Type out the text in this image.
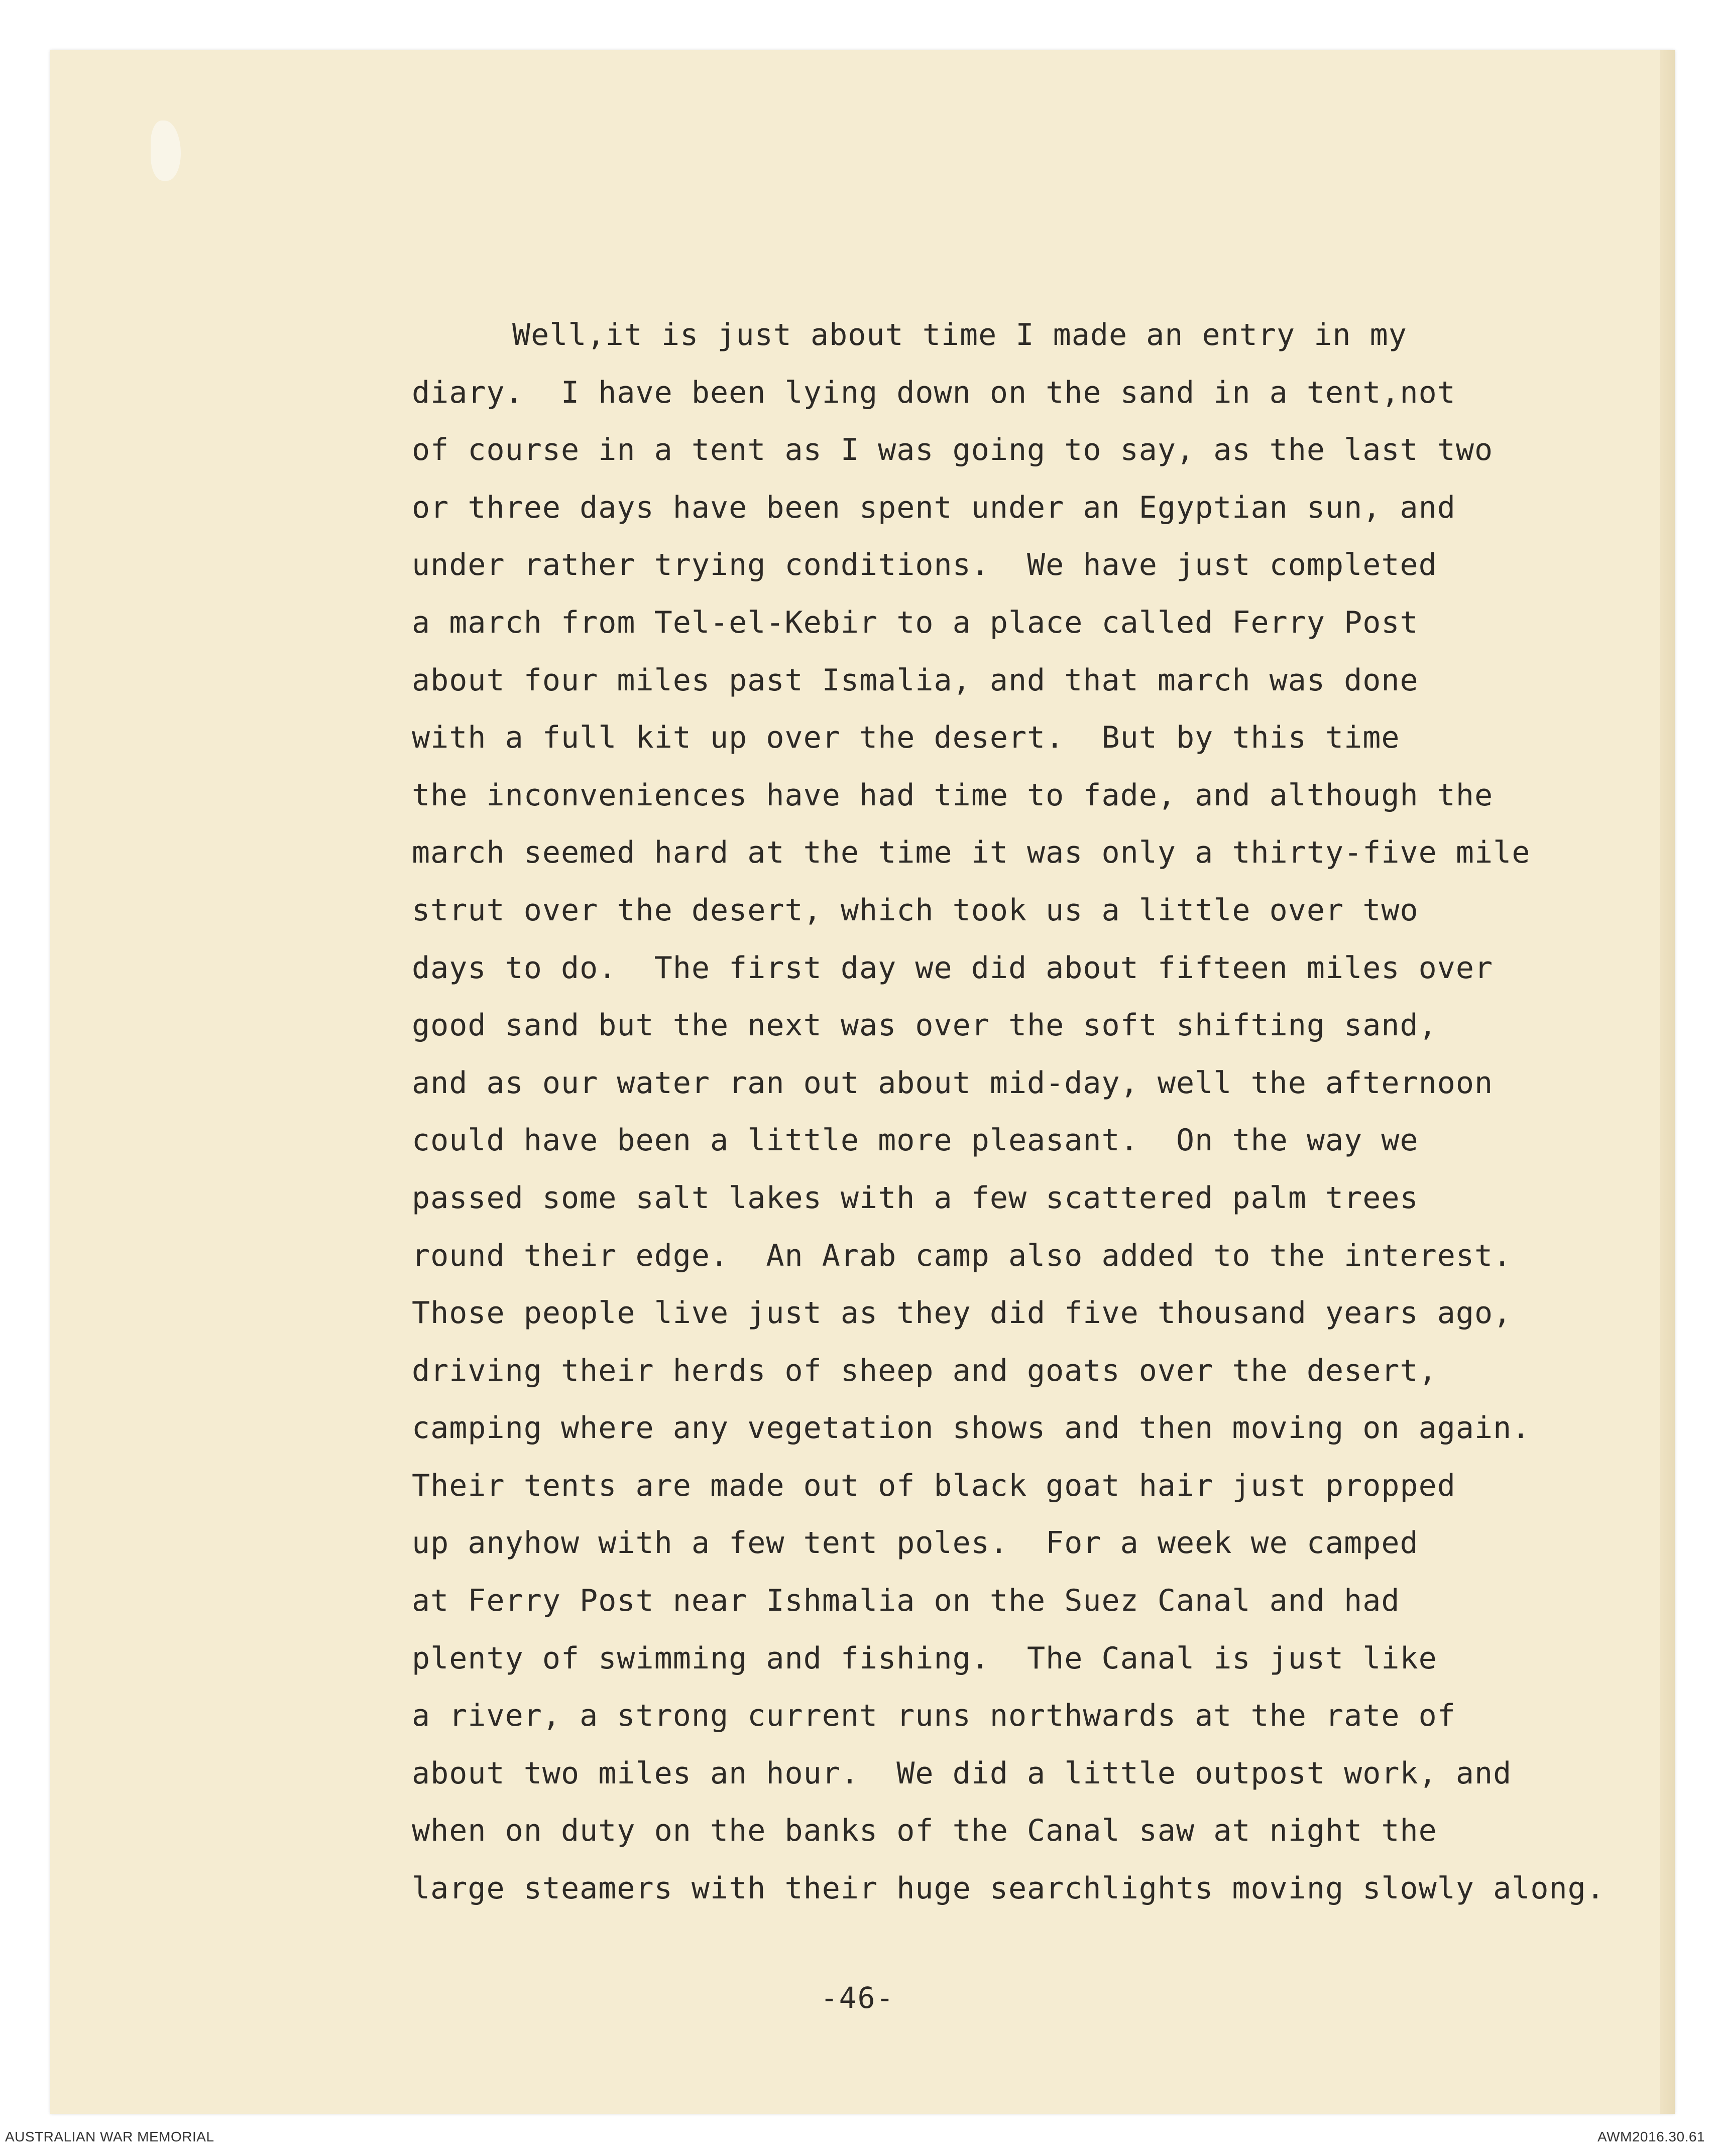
Well,it is just about time I made an entry in my
diary.  I have been lying down on the sand in a tent,not
of course in a tent as I was going to say, as the last two
or three days have been spent under an Egyptian sun, and
under rather trying conditions.  We have just completed
a march from Tel-el-Kebir to a place called Ferry Post
about four miles past Ismalia, and that march was done
with a full kit up over the desert.  But by this time
the inconveniences have had time to fade, and although the
march seemed hard at the time it was only a thirty-five mile
strut over the desert, which took us a little over two
days to do.  The first day we did about fifteen miles over
good sand but the next was over the soft shifting sand,
and as our water ran out about mid-day, well the afternoon
could have been a little more pleasant.  On the way we
passed some salt lakes with a few scattered palm trees
round their edge.  An Arab camp also added to the interest.
Those people live just as they did five thousand years ago,
driving their herds of sheep and goats over the desert,
camping where any vegetation shows and then moving on again.
Their tents are made out of black goat hair just propped
up anyhow with a few tent poles.  For a week we camped
at Ferry Post near Ishmalia on the Suez Canal and had
plenty of swimming and fishing.  The Canal is just like
a river, a strong current runs northwards at the rate of
about two miles an hour.  We did a little outpost work, and
when on duty on the banks of the Canal saw at night the
large steamers with their huge searchlights moving slowly along.
-46-
AUSTRALIAN WAR MEMORIAL	AWM2016.30.61
